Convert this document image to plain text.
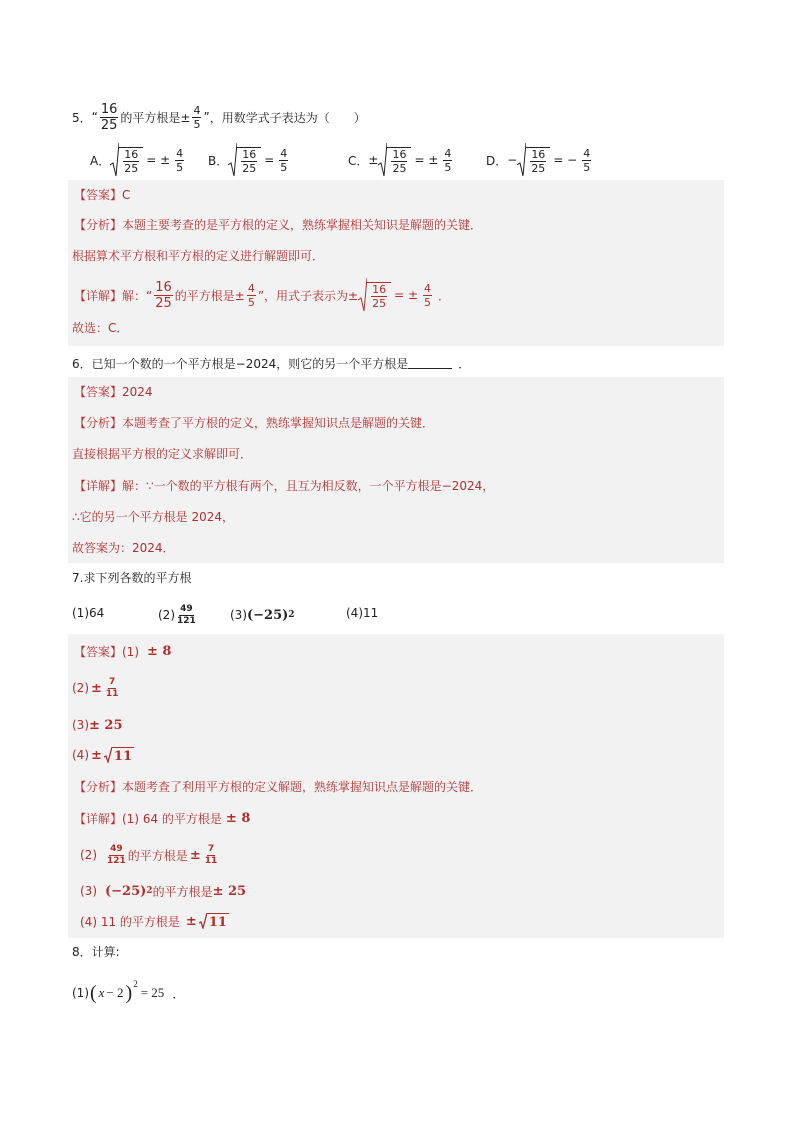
5． “ $\frac{16}{25}$ 的平方根是± $\frac{4}{5}$ ” ，用数学式子表达为（　　）
A． $\frac{16}{25}$ = ± $\frac{4}{5}$ B． $\frac{16}{25} = \frac{4}{5}$	C． ± $\frac{16}{25}$ = ± $\frac{4}{5}$	D． − $\frac{16}{25}$ = − $\frac{4}{5}$
【答案】C
【分析】本题主要考查的是平方根的定义，熟练掌握相关知识是解题的关键．
根据算术平方根和平方根的定义进行解题即可．
【详解】解：“ $\frac{16}{25}$ 的平方根是± $\frac{4}{5}$ ”，用式子表示为± $\frac{16}{25}$ = ± $\frac{4}{5}$ ．
故选：C．
6．已知一个数的一个平方根是−2024，则它的另一个平方根是	．
【答案】2024
【分析】本题考查了平方根的定义，熟练掌握知识点是解题的关键．
直接根据平方根的定义求解即可．
【详解】解：∵一个数的平方根有两个，且互为相反数，一个平方根是−2024，
∴它的另一个平方根是 2024，
故答案为：2024．
7.求下列各数的平方根
(1)64	$(2) \frac{49}{121}$	(3) (−25) 2	(4)11
【答案】(1) ± 8
$(2) \pm \frac{7}{11}$
(3) ± 25
(4) ± 11
【分析】本题考查了利用平方根的定义解题，熟练掌握知识点是解题的关键．
【详解】(1) 64 的平方根是 ± 8
$(2) \frac{49}{121}$ 的平方根是 ± $\frac{7}{11}$
(3) (−25) 2 的平方根是 ± 25
(4) 11 的平方根是 ± 11
8．计算:
(1) ( x − 2 ) 2
= 25 ．
